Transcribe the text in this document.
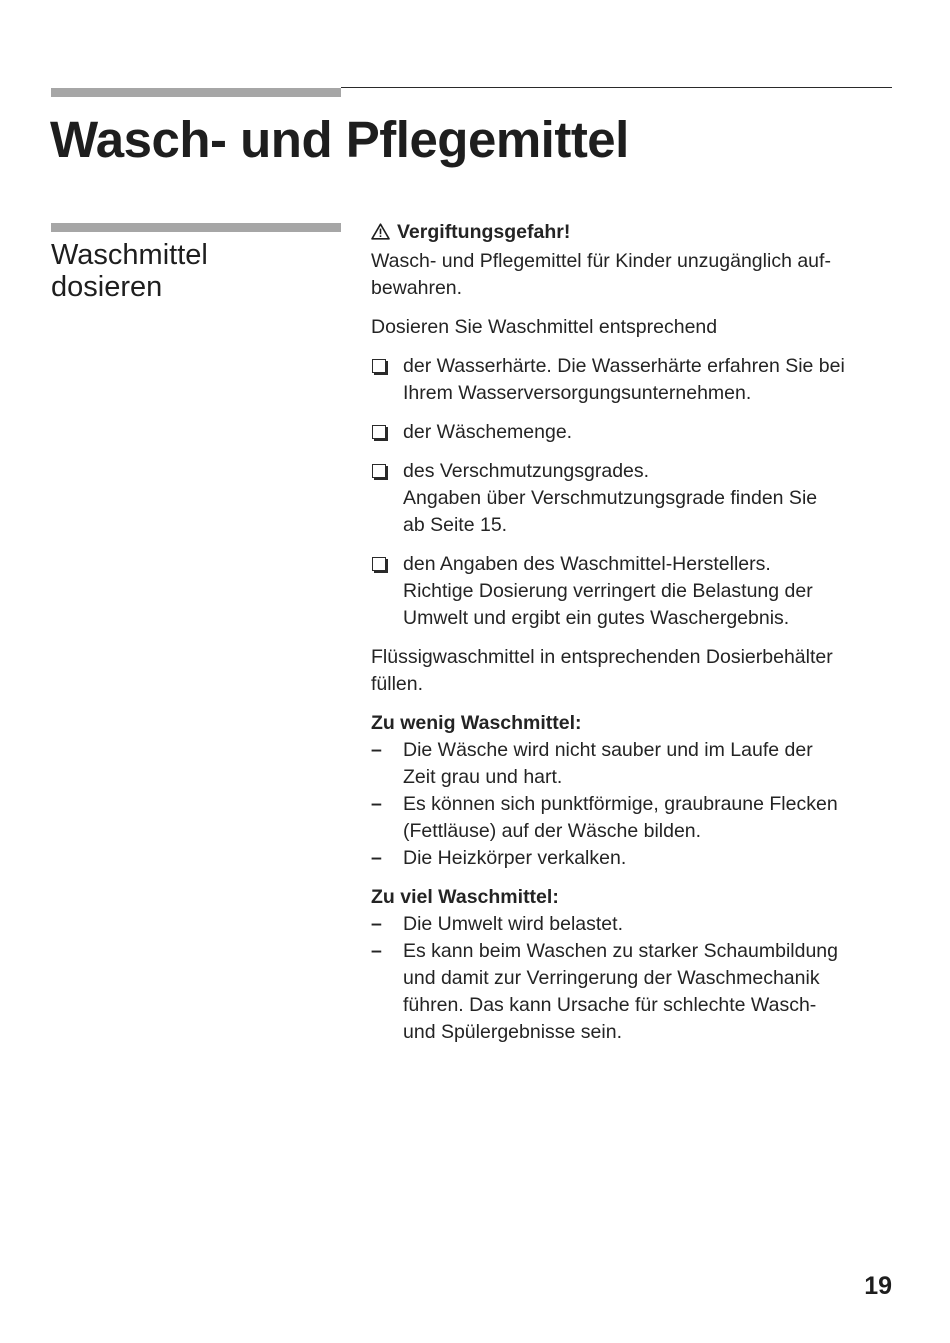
Wasch- und Pflegemittel
Waschmittel
dosieren
Vergiftungsgefahr!
Wasch- und Pflegemittel für Kinder unzugänglich auf-
bewahren.

Dosieren Sie Waschmittel entsprechend

der Wasserhärte. Die Wasserhärte erfahren Sie bei
Ihrem Wasserversorgungsunternehmen.
der Wäschemenge.
des Verschmutzungsgrades.
Angaben über Verschmutzungsgrade finden Sie
ab Seite 15.
den Angaben des Waschmittel-Herstellers.
Richtige Dosierung verringert die Belastung der
Umwelt und ergibt ein gutes Waschergebnis.

Flüssigwaschmittel in entsprechenden Dosierbehälter
füllen.

Zu wenig Waschmittel:
– Die Wäsche wird nicht sauber und im Laufe der
Zeit grau und hart.
– Es können sich punktförmige, graubraune Flecken
(Fettläuse) auf der Wäsche bilden.
– Die Heizkörper verkalken.
Zu viel Waschmittel:
– Die Umwelt wird belastet.
– Es kann beim Waschen zu starker Schaumbildung
und damit zur Verringerung der Waschmechanik
führen. Das kann Ursache für schlechte Wasch-
und Spülergebnisse sein.
19
